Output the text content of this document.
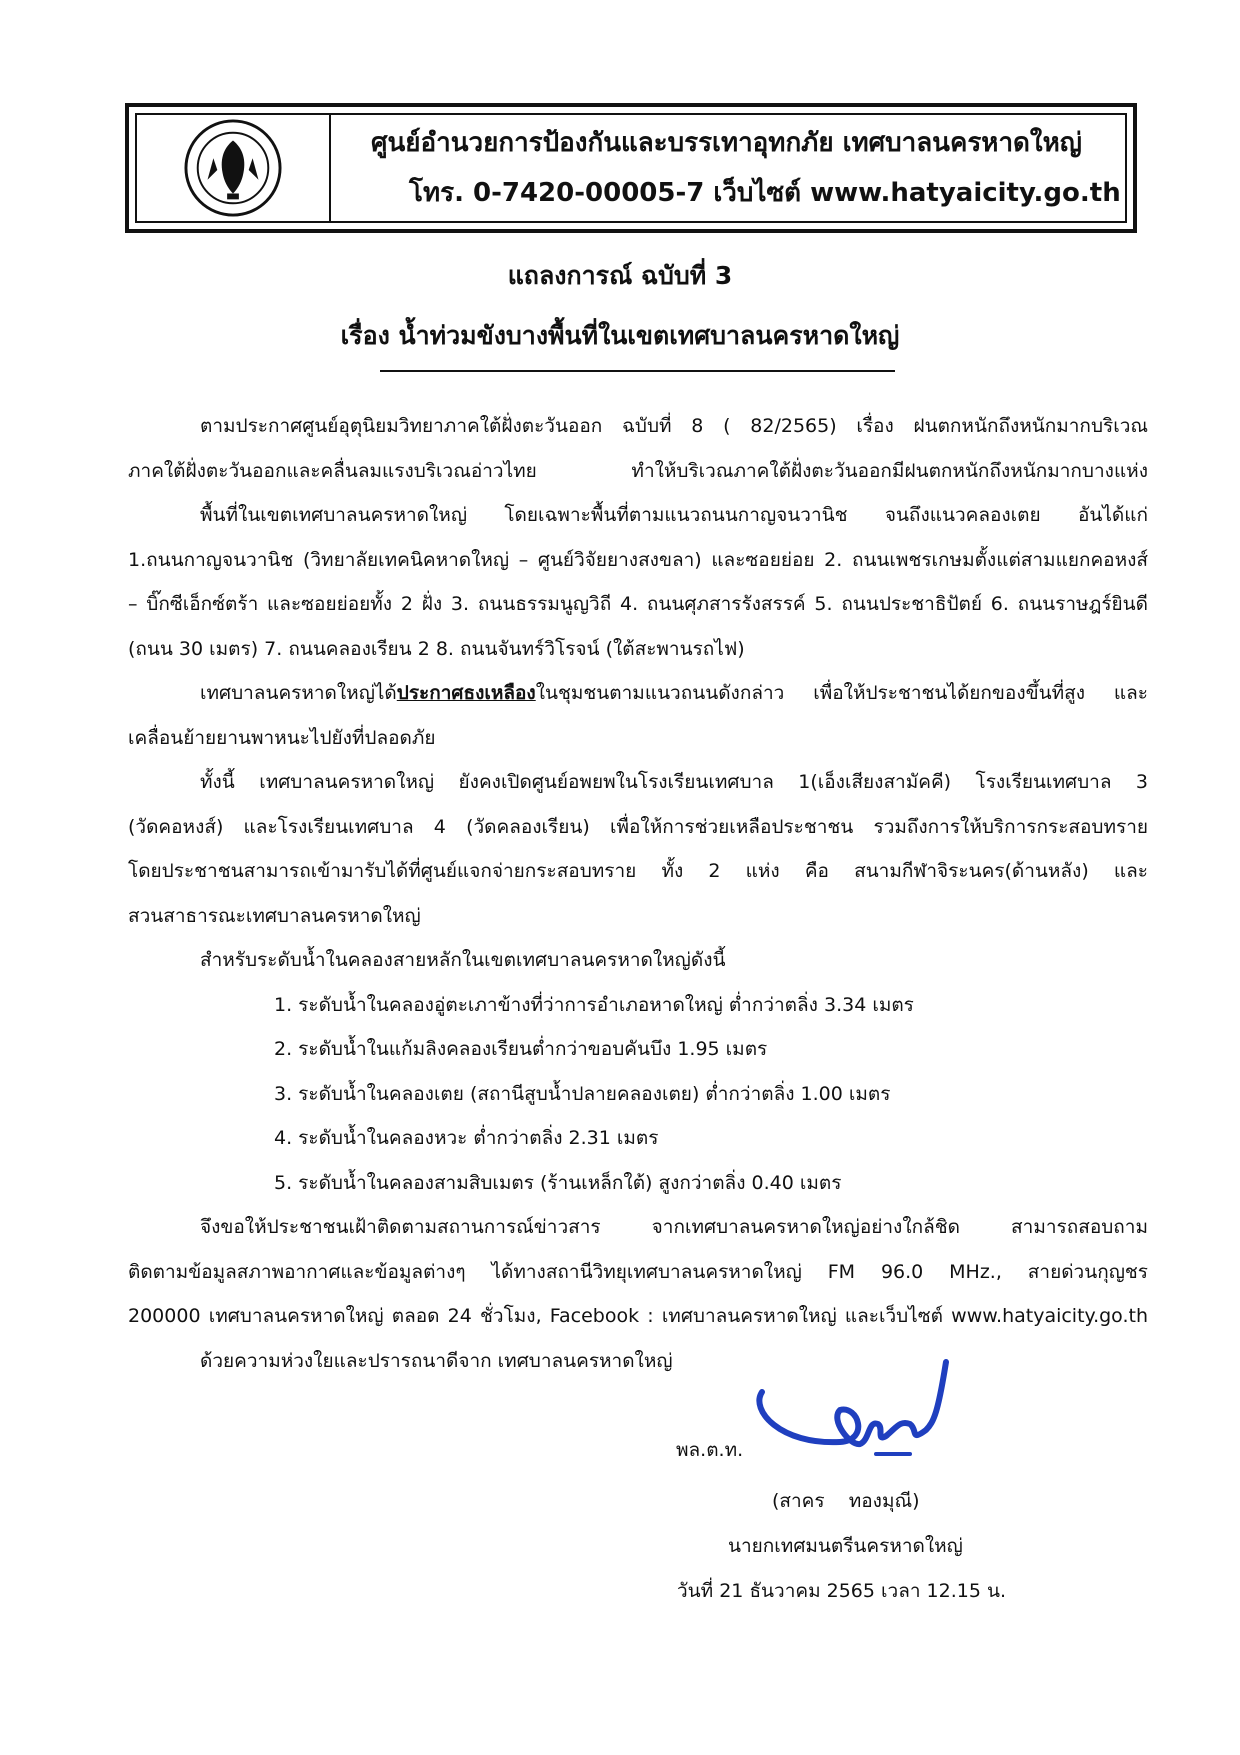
ศูนย์อำนวยการป้องกันและบรรเทาอุทกภัย เทศบาลนครหาดใหญ่
โทร. 0-7420-00005-7 เว็บไซต์ www.hatyaicity.go.th
แถลงการณ์ ฉบับที่ 3
เรื่อง น้ำท่วมขังบางพื้นที่ในเขตเทศบาลนครหาดใหญ่

ตามประกาศศูนย์อุตุนิยมวิทยาภาคใต้ฝั่งตะวันออก ฉบับที่ 8 ( 82/2565) เรื่อง ฝนตกหนักถึงหนักมากบริเวณ

ภาคใต้ฝั่งตะวันออกและคลื่นลมแรงบริเวณอ่าวไทย ทำให้บริเวณภาคใต้ฝั่งตะวันออกมีฝนตกหนักถึงหนักมากบางแห่ง

พื้นที่ในเขตเทศบาลนครหาดใหญ่ โดยเฉพาะพื้นที่ตามแนวถนนกาญจนวานิช จนถึงแนวคลองเตย อันได้แก่

1.ถนนกาญจนวานิช (วิทยาลัยเทคนิคหาดใหญ่ – ศูนย์วิจัยยางสงขลา) และซอยย่อย 2. ถนนเพชรเกษมตั้งแต่สามแยกคอหงส์

– บิ๊กซีเอ็กซ์ตร้า และซอยย่อยทั้ง 2 ฝั่ง 3. ถนนธรรมนูญวิถี 4. ถนนศุภสารรังสรรค์ 5. ถนนประชาธิปัตย์ 6. ถนนราษฎร์ยินดี

(ถนน 30 เมตร) 7. ถนนคลองเรียน 2 8. ถนนจันทร์วิโรจน์ (ใต้สะพานรถไฟ)

เทศบาลนครหาดใหญ่ได้ประกาศธงเหลืองในชุมชนตามแนวถนนดังกล่าว เพื่อให้ประชาชนได้ยกของขึ้นที่สูง และ

เคลื่อนย้ายยานพาหนะไปยังที่ปลอดภัย

ทั้งนี้ เทศบาลนครหาดใหญ่ ยังคงเปิดศูนย์อพยพในโรงเรียนเทศบาล 1(เอ็งเสียงสามัคคี) โรงเรียนเทศบาล 3

(วัดคอหงส์) และโรงเรียนเทศบาล 4 (วัดคลองเรียน) เพื่อให้การช่วยเหลือประชาชน รวมถึงการให้บริการกระสอบทราย

โดยประชาชนสามารถเข้ามารับได้ที่ศูนย์แจกจ่ายกระสอบทราย ทั้ง 2 แห่ง คือ สนามกีฬาจิระนคร(ด้านหลัง) และ

สวนสาธารณะเทศบาลนครหาดใหญ่

สำหรับระดับน้ำในคลองสายหลักในเขตเทศบาลนครหาดใหญ่ดังนี้

1. ระดับน้ำในคลองอู่ตะเภาข้างที่ว่าการอำเภอหาดใหญ่ ต่ำกว่าตลิ่ง 3.34 เมตร

2. ระดับน้ำในแก้มลิงคลองเรียนต่ำกว่าขอบคันบึง 1.95 เมตร

3. ระดับน้ำในคลองเตย (สถานีสูบน้ำปลายคลองเตย) ต่ำกว่าตลิ่ง 1.00 เมตร

4. ระดับน้ำในคลองหวะ ต่ำกว่าตลิ่ง 2.31 เมตร

5. ระดับน้ำในคลองสามสิบเมตร (ร้านเหล็กใต้) สูงกว่าตลิ่ง 0.40 เมตร

จึงขอให้ประชาชนเฝ้าติดตามสถานการณ์ข่าวสาร จากเทศบาลนครหาดใหญ่อย่างใกล้ชิด สามารถสอบถาม

ติดตามข้อมูลสภาพอากาศและข้อมูลต่างๆ ได้ทางสถานีวิทยุเทศบาลนครหาดใหญ่ FM 96.0 MHz., สายด่วนกุญชร

200000 เทศบาลนครหาดใหญ่ ตลอด 24 ชั่วโมง, Facebook : เทศบาลนครหาดใหญ่ และเว็บไซต์ www.hatyaicity.go.th

ด้วยความห่วงใยและปรารถนาดีจาก เทศบาลนครหาดใหญ่

พล.ต.ท.
(สาคร    ทองมุณี)
นายกเทศมนตรีนครหาดใหญ่
วันที่ 21 ธันวาคม 2565 เวลา 12.15 น.
